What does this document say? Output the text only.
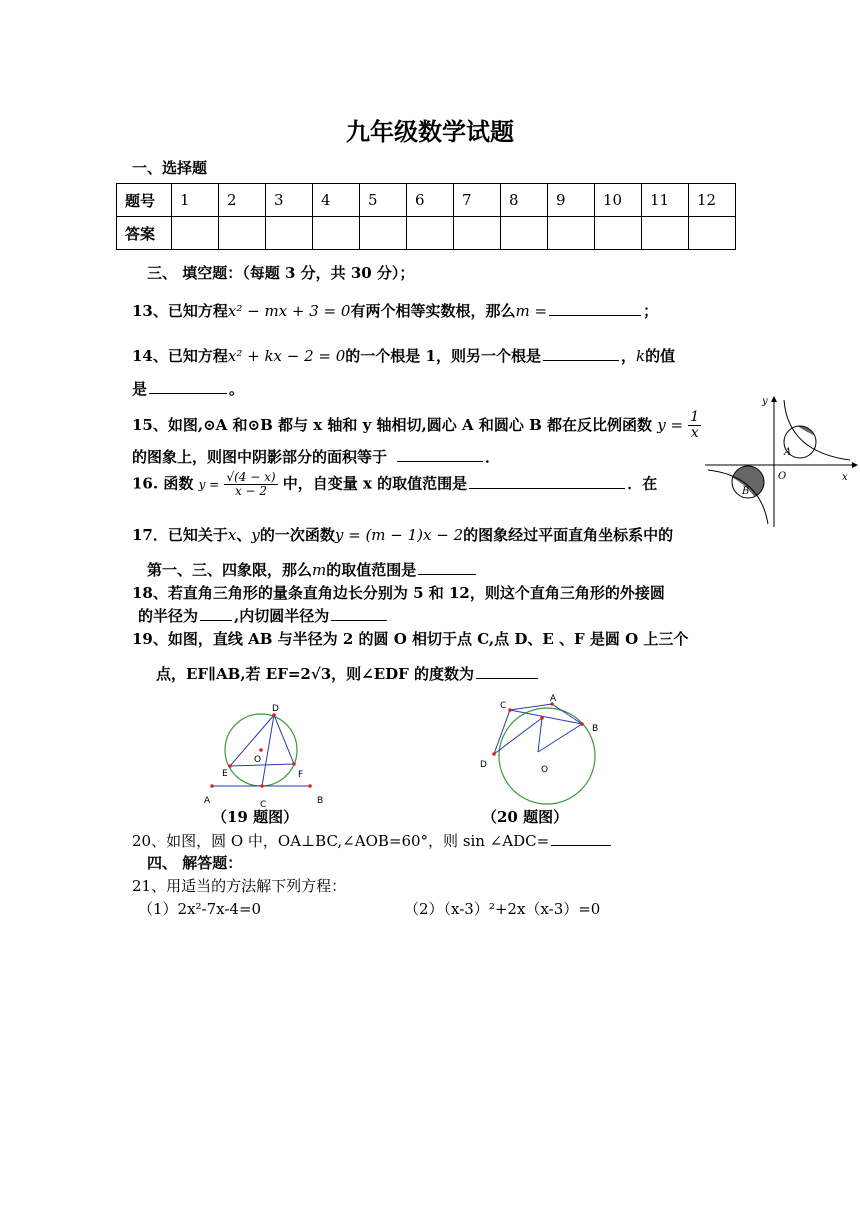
九年级数学试题
一、选择题
题号	1	2	3	4	5	6	7	8	9	10	11	12
答案												
三、 填空题：（每题 3 分，共 30 分）；
13、已知方程x² − mx + 3 = 0有两个相等实数根，那么m =	；
14、已知方程x² + kx − 2 = 0的一个根是 1，则另一个根是	，k的值
是	。
15、如图,⊙A 和⊙B 都与 x 轴和 y 轴相切,圆心 A 和圆心 B 都在反比例函数 $y = \frac{1}{x}$
的图象上，则图中阴影部分的面积等于	．
16. 函数 $y = \frac{√(4 - x)}{x - 2}$ 中，自变量 x 的取值范围是	．在
17．已知关于x、y的一次函数y = (m − 1)x − 2的图象经过平面直角坐标系中的
第一、三、四象限，那么m的取值范围是
18、若直角三角形的量条直角边长分别为 5 和 12，则这个直角三角形的外接圆
的半径为 ,内切圆半径为
19、如图，直线 AB 与半径为 2 的圆 O 相切于点 C,点 D、E 、F 是圆 O 上三个
点，EF∥AB,若 EF=2√3，则∠EDF 的度数为
y
x
O
A
B
D
O
E	F
A	C	B
（19 题图）
C
A
B
D	O
（20 题图）
20、如图，圆 O 中，OA⊥BC,∠AOB=60°，则 sin ∠ADC=
四、 解答题：
21、用适当的方法解下列方程：
（1）2x²-7x-4=0	（2）（x-3）²+2x（x-3）=0
